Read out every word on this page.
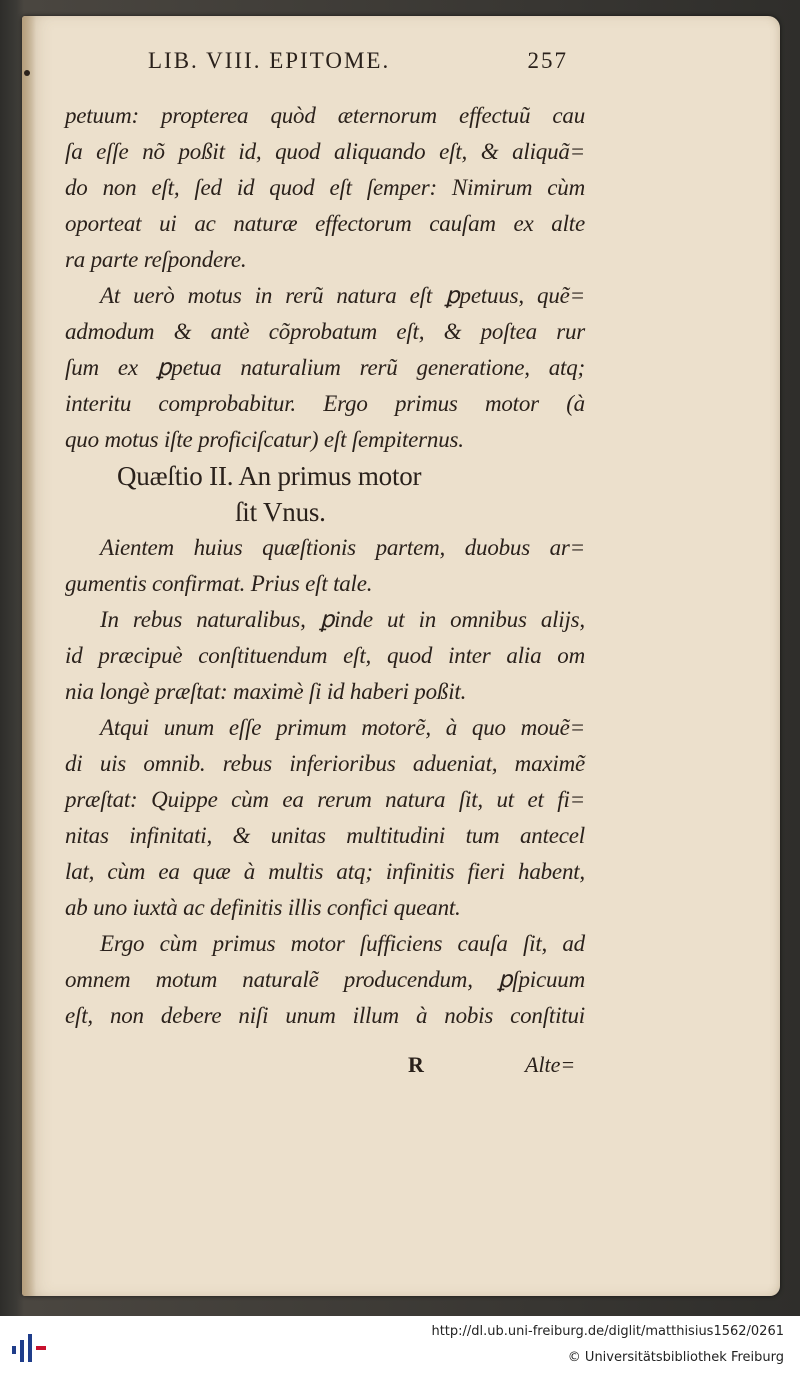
LIB. VIII. EPITOME.	257
petuum: propterea quòd æternorum effectuũ cau
ſa eſſe nõ poßit id, quod aliquando eſt, & aliquã=
do non eſt, ſed id quod eſt ſemper: Nimirum cùm
oporteat ui ac naturæ effectorum cauſam ex alte
ra parte reſpondere.
At uerò motus in rerũ natura eſt ꝑpetuus, quẽ=
admodum & antè cõprobatum eſt, & poſtea rur
ſum ex ꝑpetua naturalium rerũ generatione, atq;
interitu comprobabitur. Ergo primus motor (à
quo motus iſte proficiſcatur) eſt ſempiternus.
Quæſtio II. An primus motor
ſit Vnus.
Aientem huius quæſtionis partem, duobus ar=
gumentis confirmat. Prius eſt tale.
In rebus naturalibus, ꝑinde ut in omnibus alijs,
id præcipuè conſtituendum eſt, quod inter alia om
nia longè præſtat: maximè ſi id haberi poßit.
Atqui unum eſſe primum motorẽ, à quo mouẽ=
di uis omnib. rebus inferioribus adueniat, maximẽ
præſtat: Quippe cùm ea rerum natura ſit, ut et fi=
nitas infinitati, & unitas multitudini tum antecel
lat, cùm ea quæ à multis atq; infinitis fieri habent,
ab uno iuxtà ac definitis illis confici queant.
Ergo cùm primus motor ſufficiens cauſa ſit, ad
omnem motum naturalẽ producendum, ꝑſpicuum
eſt, non debere niſi unum illum à nobis conſtitui
R	Alte=
http://dl.ub.uni-freiburg.de/diglit/matthisius1562/0261
© Universitätsbibliothek Freiburg
